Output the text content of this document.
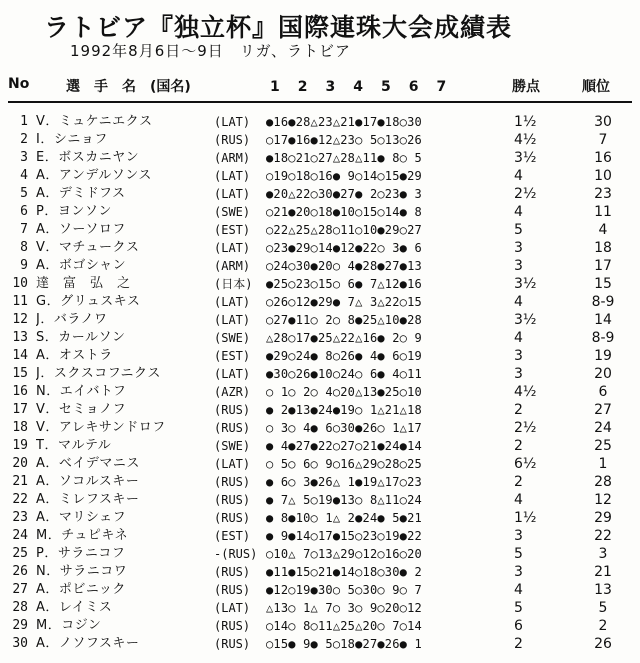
ラトビア『独立杯』国際連珠大会成績表
1992年8月6日～9日　リガ、ラトビア
No	選　手　名　(国名)	1　2　3　4　5　6　7	勝点	順位
1 V．ミュケニエクス	(LAT)	●16●28△23△21●17●18○30	1½	30
2 I．シニョフ	(RUS)	○17●16●12△23○ 5○13○26	4½	7
3 E．ボスカニヤン	(ARM)	●18○21○27△28△11● 8○ 5	3½	16
4 A．アンデルソンス	(LAT)	○19○18○16● 9○14○15●29	4	10
5 A．デミドフス	(LAT)	●20△22○30●27● 2○23● 3	2½	23
6 P．ヨンソン	(SWE)	○21●20○18●10○15○14● 8	4	11
7 A．ソーソロフ	(EST)	○22△25△28○11○10●29○27	5	4
8 V．マチュークス	(LAT)	○23●29○14●12●22○ 3● 6	3	18
9 A．ボゴシャン	(ARM)	○24○30●20○ 4●28●27●13	3	17
10 達　富　弘　之	(日本)	●25○23○15○ 6● 7△12●16	3½	15
11 G．グリュスキス	(LAT)	○26○12●29● 7△ 3△22○15	4	8-9
12 J．バラノワ	(LAT)	○27●11○ 2○ 8●25△10●28	3½	14
13 S．カールソン	(SWE)	△28○17●25△22△16● 2○ 9	4	8-9
14 A．オストラ	(EST)	●29○24● 8○26● 4● 6○19	3	19
15 J．スクスコフニクス	(LAT)	●30○26●10○24○ 6● 4○11	3	20
16 N．エイバトフ	(AZR)	○ 1○ 2○ 4○20△13●25○10	4½	6
17 V．セミョノフ	(RUS)	● 2●13●24●19○ 1△21△18	2	27
18 V．アレキサンドロフ	(RUS)	○ 3○ 4● 6○30●26○ 1△17	2½	24
19 T．マルテル	(SWE)	● 4●27●22○27○21●24●14	2	25
20 A．ベイデマニス	(LAT)	○ 5○ 6○ 9○16△29○28○25	6½	1
21 A．ソコルスキー	(RUS)	● 6○ 3●26△ 1●19△17○23	2	28
22 A．ミレフスキー	(RUS)	● 7△ 5○19●13○ 8△11○24	4	12
23 A．マリシェフ	(RUS)	● 8●10○ 1△ 2●24● 5●21	1½	29
24 M．チュピキネ	(EST)	● 9●14○17●15○23○19●22	3	22
25 P．サラニコフ	-(RUS) ○10△ 7○13△29○12○16○20	5	3
26 N．サラニコワ	(RUS)	●11●15○21●14○18○30● 2	3	21
27 A．ポビニック	(RUS)	●12○19●30○ 5○30○ 9○ 7	4	13
28 A．レイミス	(LAT)	△13○ 1△ 7○ 3○ 9○20○12	5	5
29 M．コジン	(RUS)	○14○ 8○11△25△20○ 7○14	6	2
30 A．ノソフスキー	(RUS)	○15● 9● 5○18●27●26● 1	2	26
